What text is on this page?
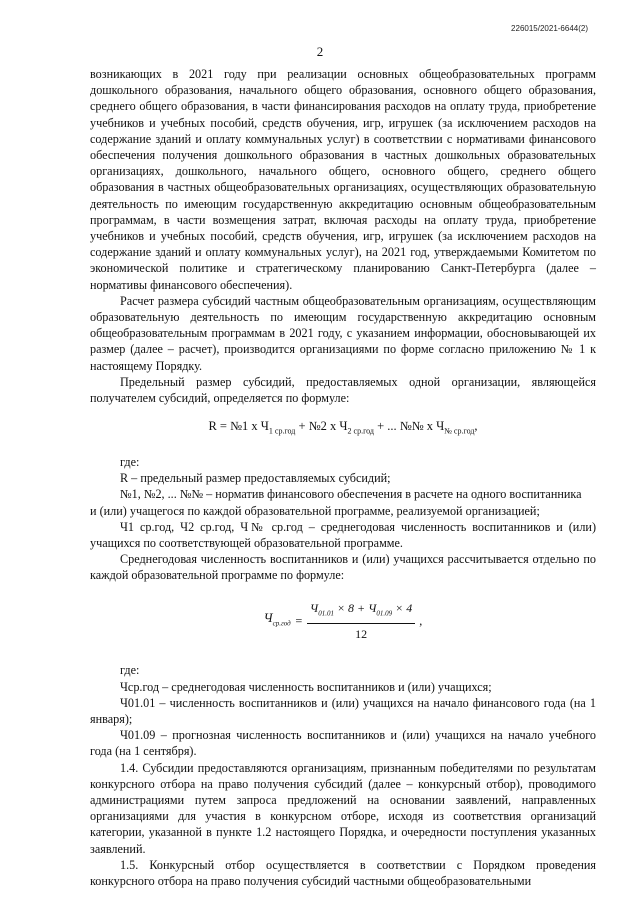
226015/2021-6644(2)
2

возникающих в 2021 году при реализации основных общеобразовательных программ дошкольного образования, начального общего образования, основного общего образования, среднего общего образования, в части финансирования расходов на оплату труда, приобретение учебников и учебных пособий, средств обучения, игр, игрушек (за исключением расходов на содержание зданий и оплату коммунальных услуг) в соответствии с нормативами финансового обеспечения получения дошкольного образования в частных дошкольных образовательных организациях, дошкольного, начального общего, основного общего, среднего общего образования в частных общеобразовательных организациях, осуществляющих образовательную деятельность по имеющим государственную аккредитацию основным общеобразовательным программам, в части возмещения затрат, включая расходы на оплату труда, приобретение учебников и учебных пособий, средств обучения, игр, игрушек (за исключением расходов на содержание зданий и оплату коммунальных услуг), на 2021 год, утверждаемыми Комитетом по экономической политике и стратегическому планированию Санкт-Петербурга (далее – нормативы финансового обеспечения).

Расчет размера субсидий частным общеобразовательным организациям, осуществляющим образовательную деятельность по имеющим государственную аккредитацию основным общеобразовательным программам в 2021 году, с указанием информации, обосновывающей их размер (далее – расчет), производится организациями по форме согласно приложению № 1 к настоящему Порядку.

Предельный размер субсидий, предоставляемых одной организации, являющейся получателем субсидий, определяется по формуле:

R = №1 x $Ч_{1 ср.год}$ + №2 x $Ч_{2 ср.год}$ + ... №№ x $Ч_{№ ср.год}$,

где:

R – предельный размер предоставляемых субсидий;

№1, №2, ... №№ – норматив финансового обеспечения в расчете на одного воспитанника

и (или) учащегося по каждой образовательной программе, реализуемой организацией;

Ч1 ср.год, Ч2 ср.год, Ч№ ср.год – среднегодовая численность воспитанников и (или) учащихся по соответствующей образовательной программе.

Среднегодовая численность воспитанников и (или) учащихся рассчитывается отдельно по каждой образовательной программе по формуле:

$Ч_{ср.год} = \frac{Ч_{01.01} \times 8 + Ч_{01.09} \times 4}{12}$ ,

где:

Чср.год – среднегодовая численность воспитанников и (или) учащихся;

Ч01.01 – численность воспитанников и (или) учащихся на начало финансового года (на 1 января);

Ч01.09 – прогнозная численность воспитанников и (или) учащихся на начало учебного года (на 1 сентября).

1.4. Субсидии предоставляются организациям, признанным победителями по результатам конкурсного отбора на право получения субсидий (далее – конкурсный отбор), проводимого администрациями путем запроса предложений на основании заявлений, направленных организациями для участия в конкурсном отборе, исходя из соответствия организаций категории, указанной в пункте 1.2 настоящего Порядка, и очередности поступления указанных заявлений.

1.5. Конкурсный отбор осуществляется в соответствии с Порядком проведения конкурсного отбора на право получения субсидий частными общеобразовательными
